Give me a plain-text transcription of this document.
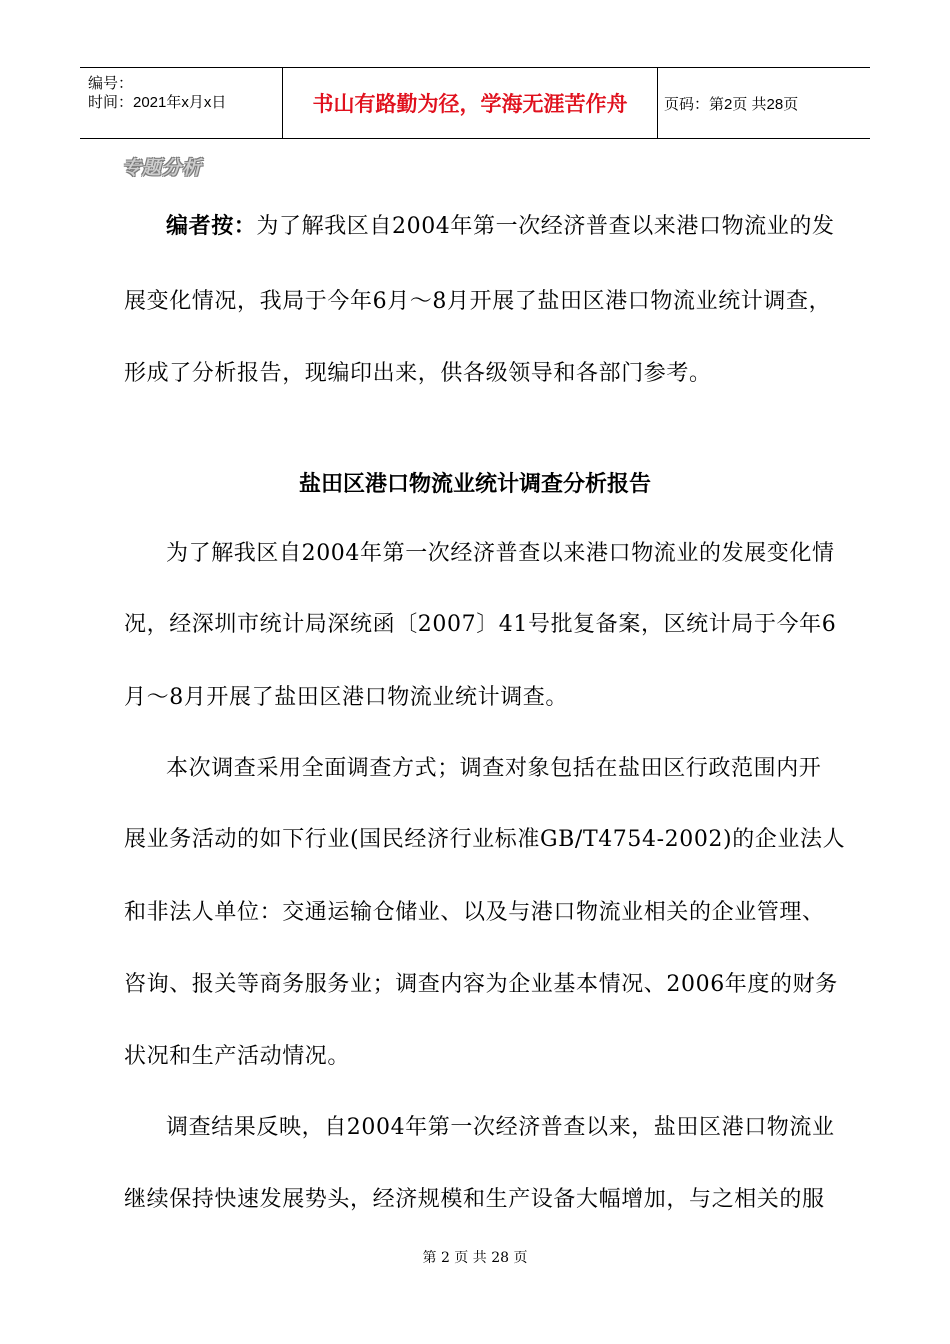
编号：
时间：2021年x月x日	书山有路勤为径，学海无涯苦作舟	页码：第2页 共28页
专题分析
编者按：为了解我区自2004年第一次经济普查以来港口物流业的发
展变化情况，我局于今年6月～8月开展了盐田区港口物流业统计调查，
形成了分析报告，现编印出来，供各级领导和各部门参考。
盐田区港口物流业统计调查分析报告
为了解我区自2004年第一次经济普查以来港口物流业的发展变化情
况，经深圳市统计局深统函〔2007〕41号批复备案，区统计局于今年6
月～8月开展了盐田区港口物流业统计调查。
本次调查采用全面调查方式；调查对象包括在盐田区行政范围内开
展业务活动的如下行业(国民经济行业标准GB/T4754-2002)的企业法人
和非法人单位：交通运输仓储业、以及与港口物流业相关的企业管理、
咨询、报关等商务服务业；调查内容为企业基本情况、2006年度的财务
状况和生产活动情况。
调查结果反映，自2004年第一次经济普查以来，盐田区港口物流业
继续保持快速发展势头，经济规模和生产设备大幅增加，与之相关的服
第 2 页 共 28 页
